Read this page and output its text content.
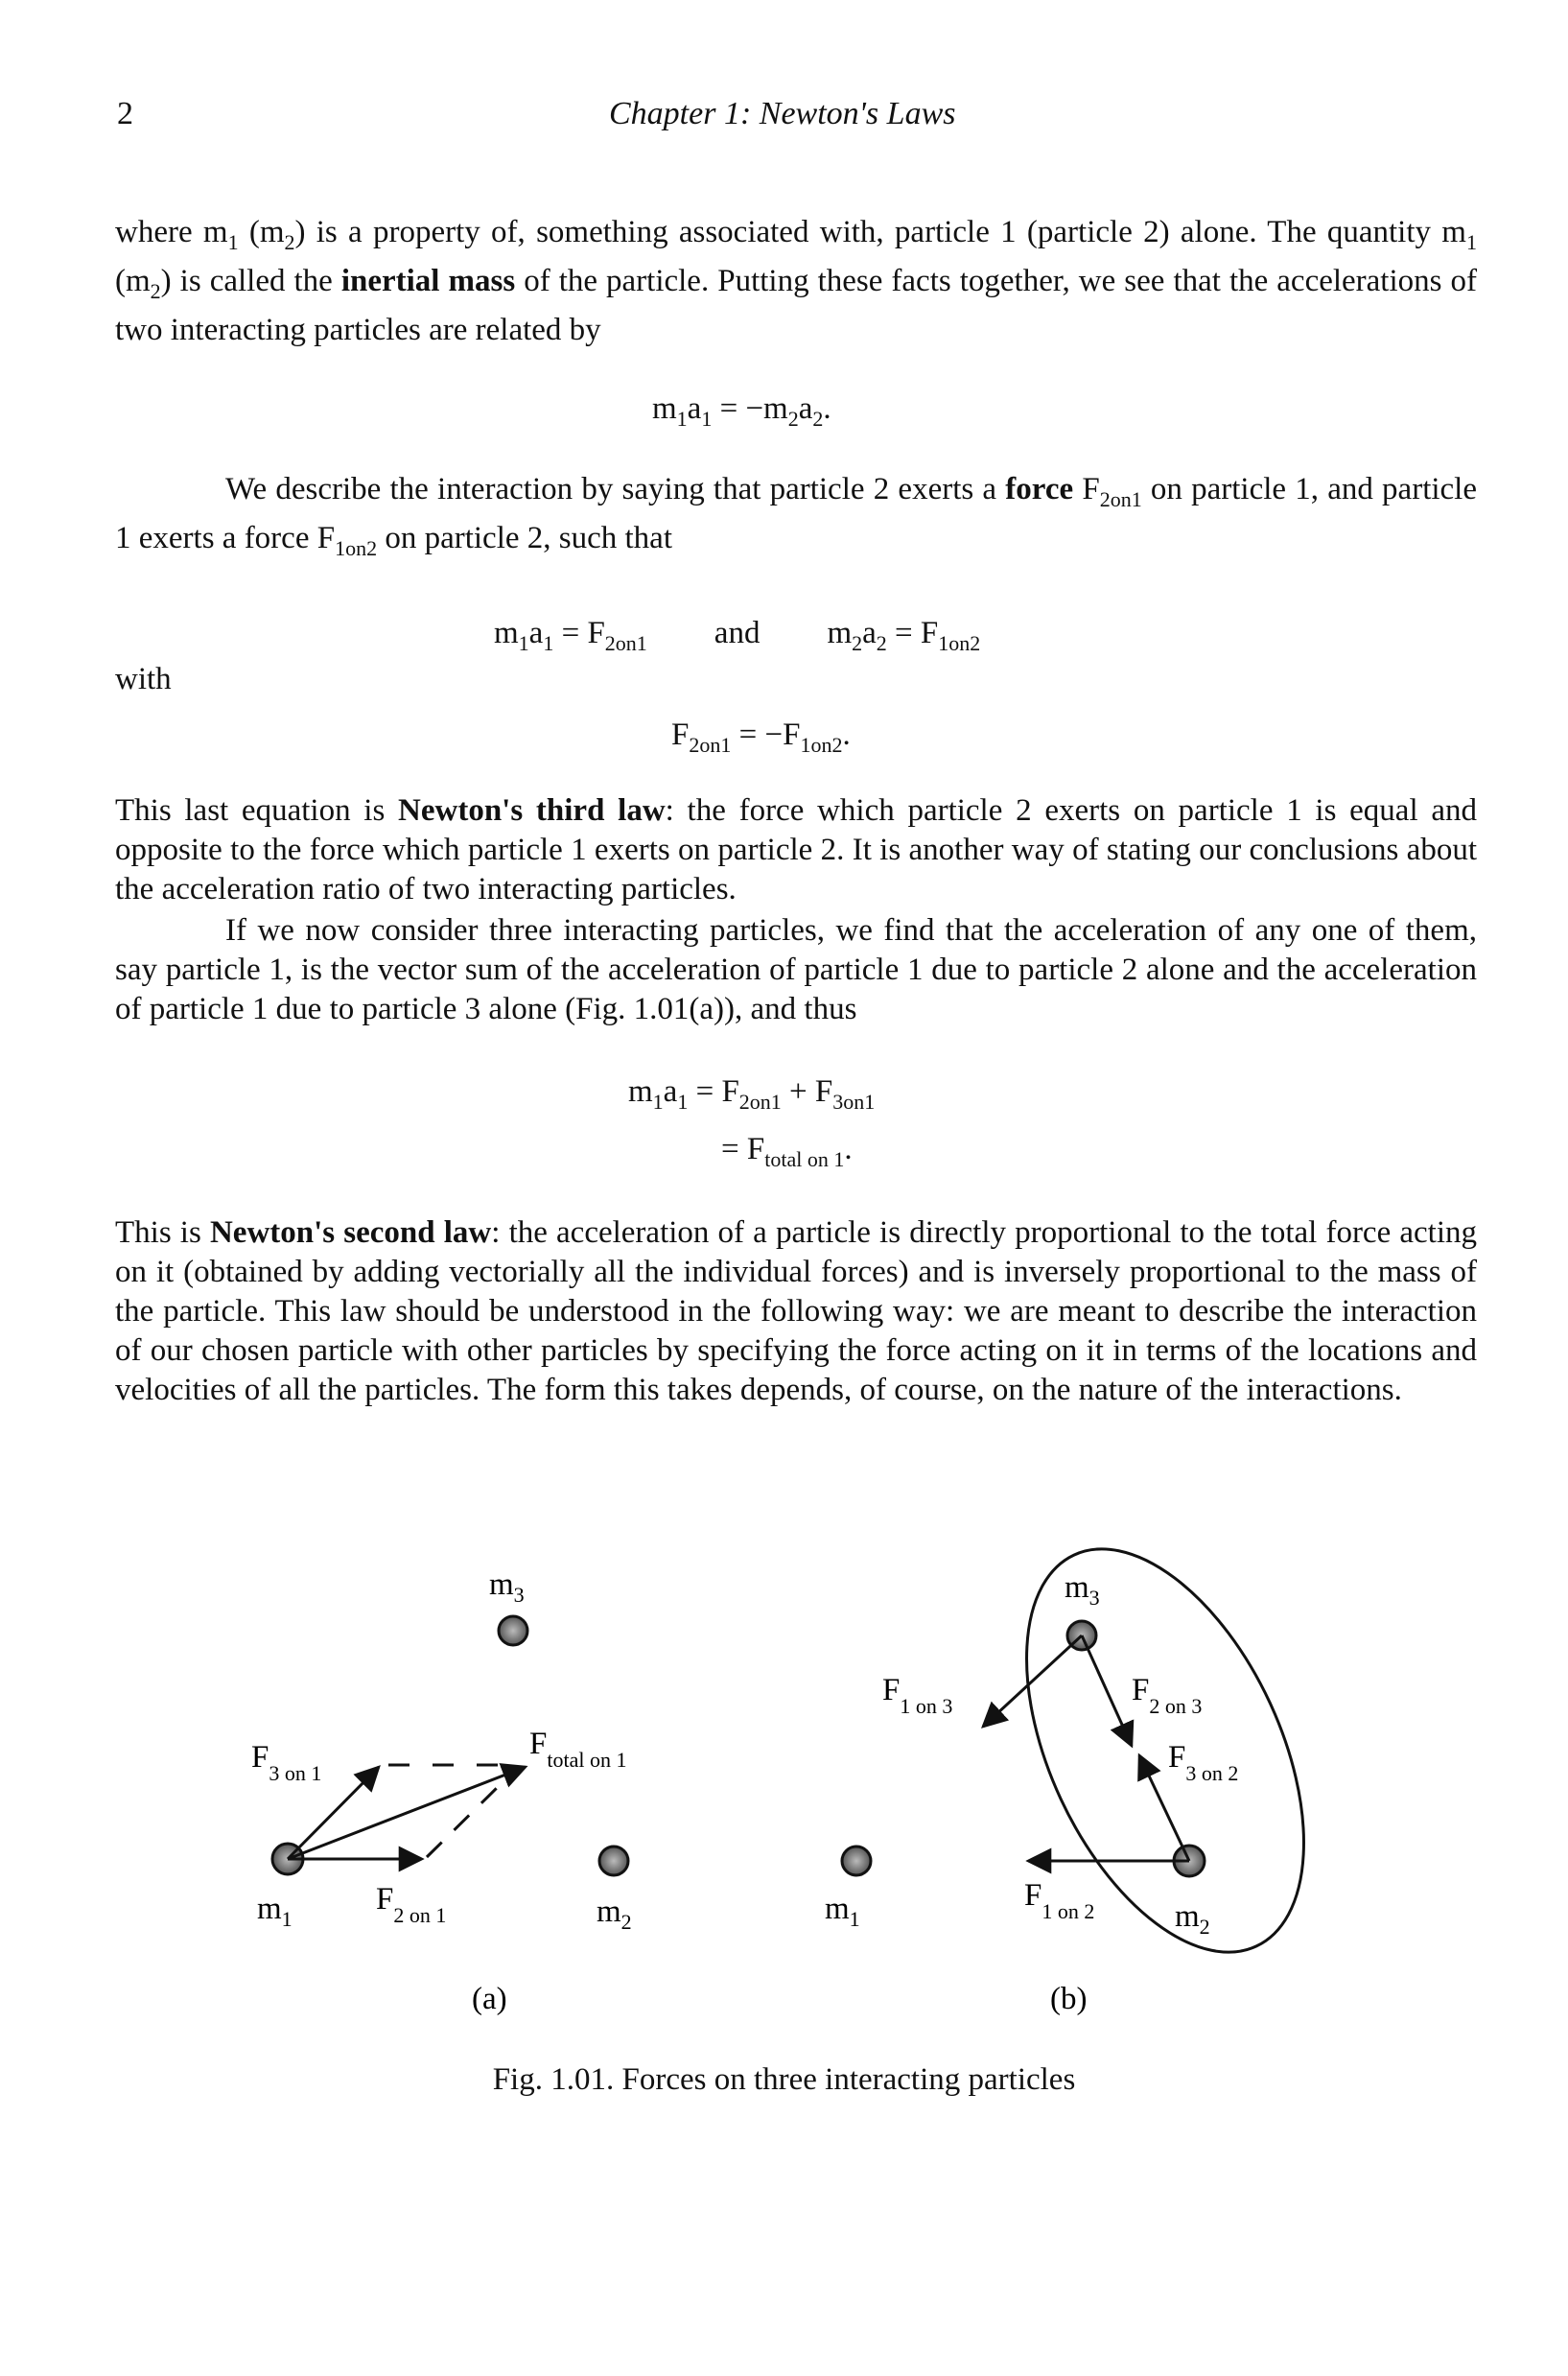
2	Chapter 1: Newton's Laws

where $m_1$ $(m_2)$ is a property of, something associated with, particle 1 (particle 2) alone. The quantity $m_1$ $(m_2)$ is called the inertial mass of the particle. Putting these facts together, we see that the accelerations of two interacting particles are related by

$m_1a_1 = -m_2a_2$.

We describe the interaction by saying that particle 2 exerts a force $F_{2on1}$ on particle 1, and particle 1 exerts a force $F_{1on2}$ on particle 2, such that

$m_1a_1 = F_{2on1}$ and $m_2a_2 = F_{1on2}$
with
$F_{2on1} = -F_{1on2}$.

This last equation is Newton's third law: the force which particle 2 exerts on particle 1 is equal and opposite to the force which particle 1 exerts on particle 2. It is another way of stating our conclusions about the acceleration ratio of two interacting particles.

If we now consider three interacting particles, we find that the acceleration of any one of them, say particle 1, is the vector sum of the acceleration of particle 1 due to particle 2 alone and the acceleration of particle 1 due to particle 3 alone (Fig. 1.01(a)), and thus

$m_1a_1 = F_{2on1} + F_{3on1}$
= $F_{total on 1}$.

This is Newton's second law: the acceleration of a particle is directly proportional to the total force acting on it (obtained by adding vectorially all the individual forces) and is inversely proportional to the mass of the particle. This law should be understood in the following way: we are meant to describe the interaction of our chosen particle with other particles by specifying the force acting on it in terms of the locations and velocities of all the particles. The form this takes depends, of course, on the nature of the interactions.

$m_3$
$m_1$	$m_2$
$F_{3 on 1}$
$F_{2 on 1}$
$F_{total on 1}$
(a)
$m_3$
$m_1$	$m_2$
$F_{1 on 3}$	$F_{2 on 3}$
$F_{3 on 2}$
$F_{1 on 2}$
(b)
Fig. 1.01. Forces on three interacting particles
